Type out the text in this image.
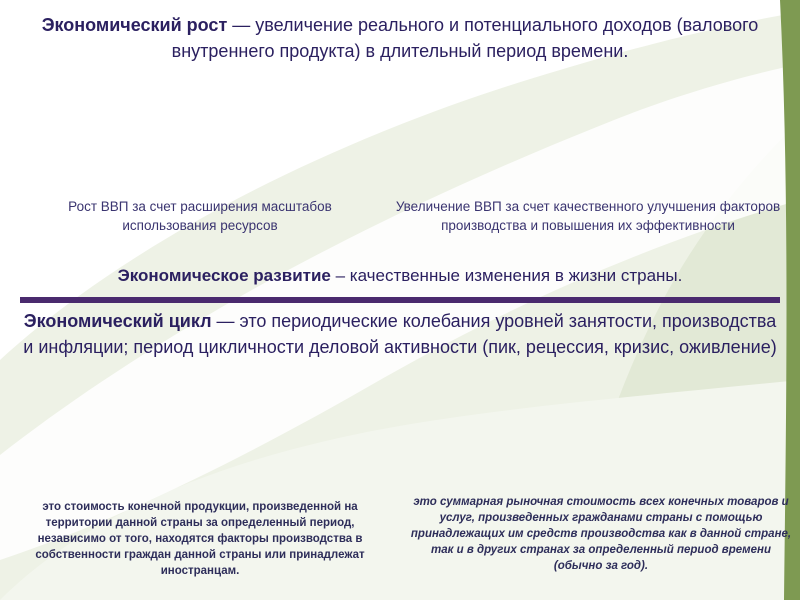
Экономический рост — увеличение реального и потенциального доходов (валового внутреннего продукта) в длительный период времени.
Рост ВВП за счет расширения масштабов использования ресурсов
Увеличение ВВП за счет качественного улучшения факторов производства и повышения их эффективности
Экономическое развитие – качественные изменения в жизни страны.
Экономический цикл — это периодические колебания уровней занятости, производства и инфляции; период цикличности деловой активности (пик, рецессия, кризис, оживление)
это стоимость конечной продукции, произведенной на территории данной страны за определенный период, независимо от того, находятся факторы производства в собственности граждан данной страны или принадлежат иностранцам.
это суммарная рыночная стоимость всех конечных товаров и услуг, произведенных гражданами страны с помощью принадлежащих им средств производства как в данной стране, так и в других странах за определенный период времени (обычно за год).
